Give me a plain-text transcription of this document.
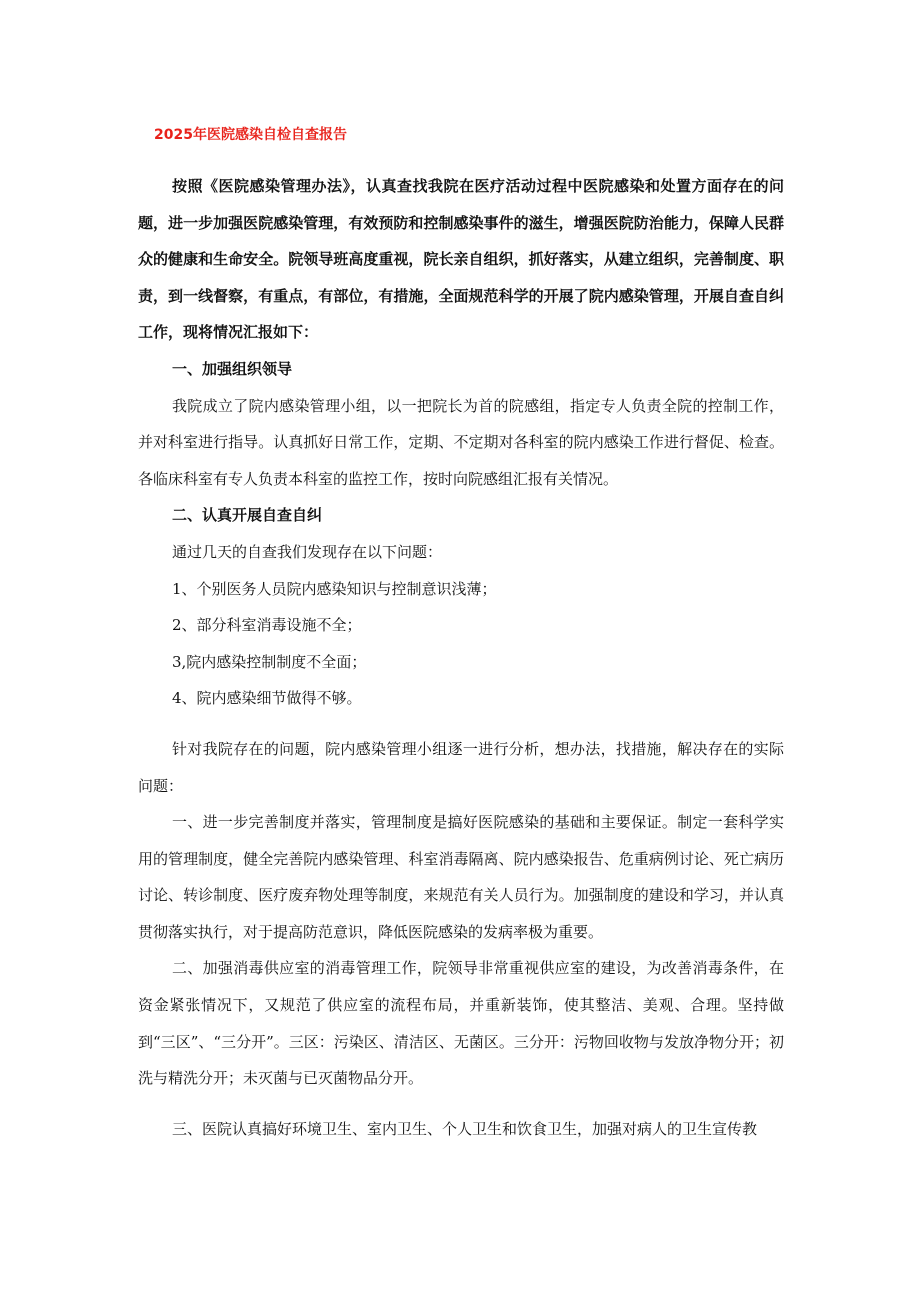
2025年医院感染自检自查报告

按照《医院感染管理办法》，认真查找我院在医疗活动过程中医院感染和处置方面存在的问题，进一步加强医院感染管理，有效预防和控制感染事件的滋生，增强医院防治能力，保障人民群众的健康和生命安全。院领导班高度重视，院长亲自组织，抓好落实，从建立组织，完善制度、职责，到一线督察，有重点，有部位，有措施，全面规范科学的开展了院内感染管理，开展自查自纠工作，现将情况汇报如下：

一、加强组织领导

我院成立了院内感染管理小组，以一把院长为首的院感组，指定专人负责全院的控制工作，并对科室进行指导。认真抓好日常工作，定期、不定期对各科室的院内感染工作进行督促、检查。各临床科室有专人负责本科室的监控工作，按时向院感组汇报有关情况。

二、认真开展自查自纠

通过几天的自查我们发现存在以下问题：

1、个别医务人员院内感染知识与控制意识浅薄；

2、部分科室消毒设施不全；

3,院内感染控制制度不全面；

4、院内感染细节做得不够。

针对我院存在的问题，院内感染管理小组逐一进行分析，想办法，找措施，解决存在的实际问题：

一、进一步完善制度并落实，管理制度是搞好医院感染的基础和主要保证。制定一套科学实用的管理制度，健全完善院内感染管理、科室消毒隔离、院内感染报告、危重病例讨论、死亡病历讨论、转诊制度、医疗废弃物处理等制度，来规范有关人员行为。加强制度的建设和学习，并认真贯彻落实执行，对于提高防范意识，降低医院感染的发病率极为重要。

二、加强消毒供应室的消毒管理工作，院领导非常重视供应室的建设，为改善消毒条件，在资金紧张情况下，又规范了供应室的流程布局，并重新装饰，使其整洁、美观、合理。坚持做到“三区”、“三分开”。三区：污染区、清洁区、无菌区。三分开：污物回收物与发放净物分开；初洗与精洗分开；未灭菌与已灭菌物品分开。

三、医院认真搞好环境卫生、室内卫生、个人卫生和饮食卫生，加强对病人的卫生宣传教
